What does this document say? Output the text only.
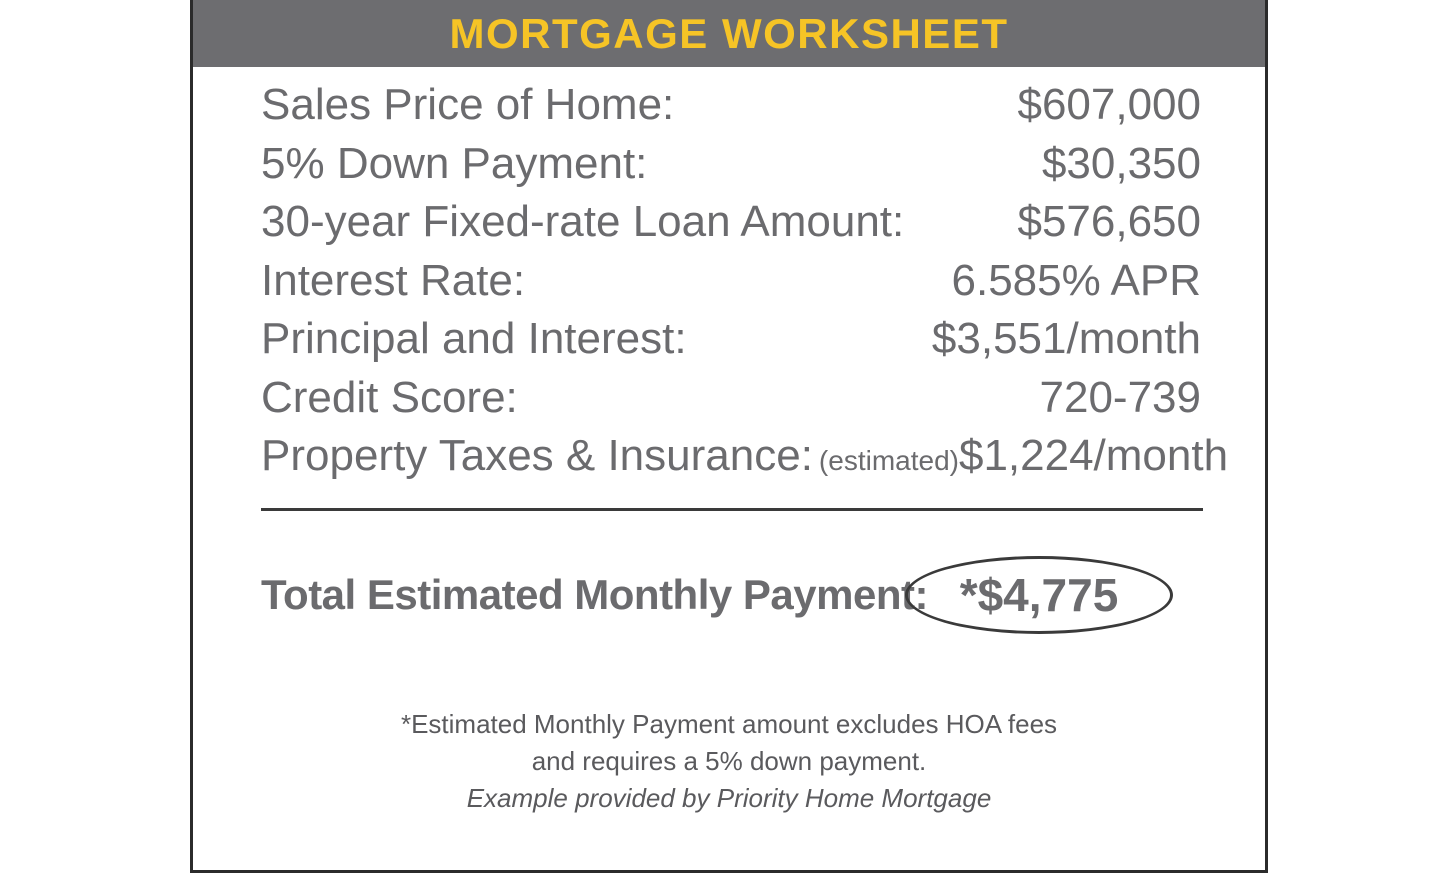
MORTGAGE WORKSHEET
Sales Price of Home:	$607,000
5% Down Payment:	$30,350
30-year Fixed-rate Loan Amount:	$576,650
Interest Rate:	6.585% APR
Principal and Interest:	$3,551/month
Credit Score:	720-739
Property Taxes & Insurance: (estimated) $1,224/month
Total Estimated Monthly Payment: *$4,775
*Estimated Monthly Payment amount excludes HOA fees
and requires a 5% down payment.
Example provided by Priority Home Mortgage
